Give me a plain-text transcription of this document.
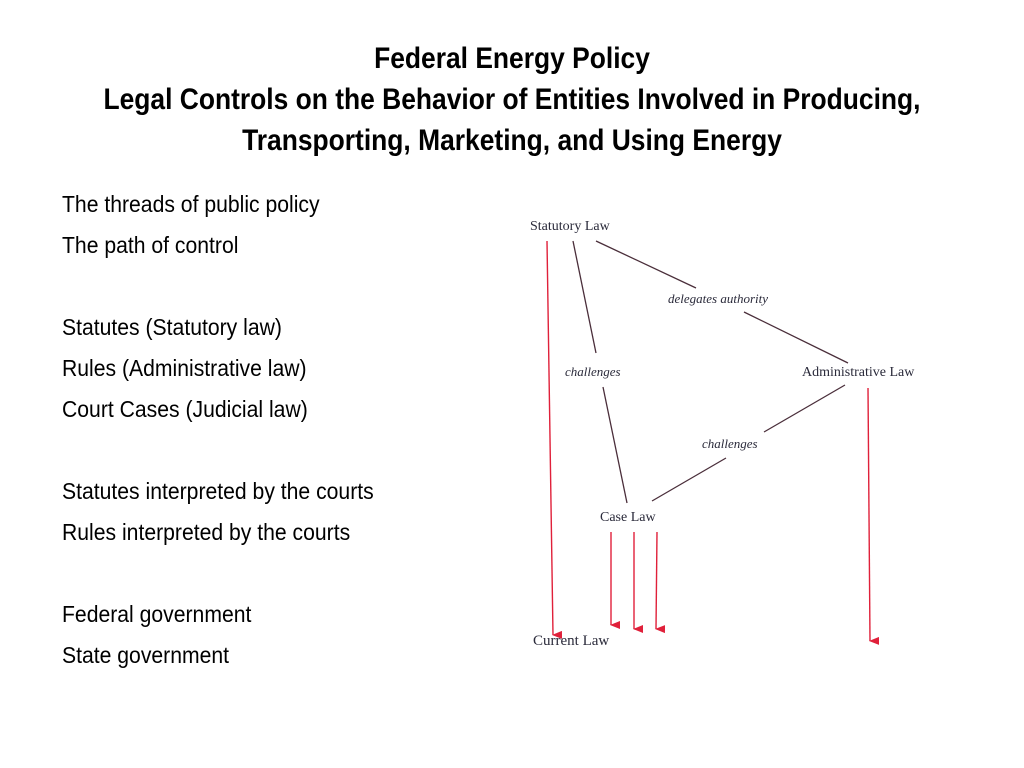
Federal Energy Policy
Legal Controls on the Behavior of Entities Involved in Producing,
Transporting, Marketing, and Using Energy
The threads of public policy
The path of control
Statutes (Statutory law)
Rules (Administrative law)
Court Cases (Judicial law)
Statutes interpreted by the courts
Rules interpreted by the courts
Federal government
State government
Statutory Law
Administrative Law
Case Law
Current Law
delegates authority
challenges
challenges
